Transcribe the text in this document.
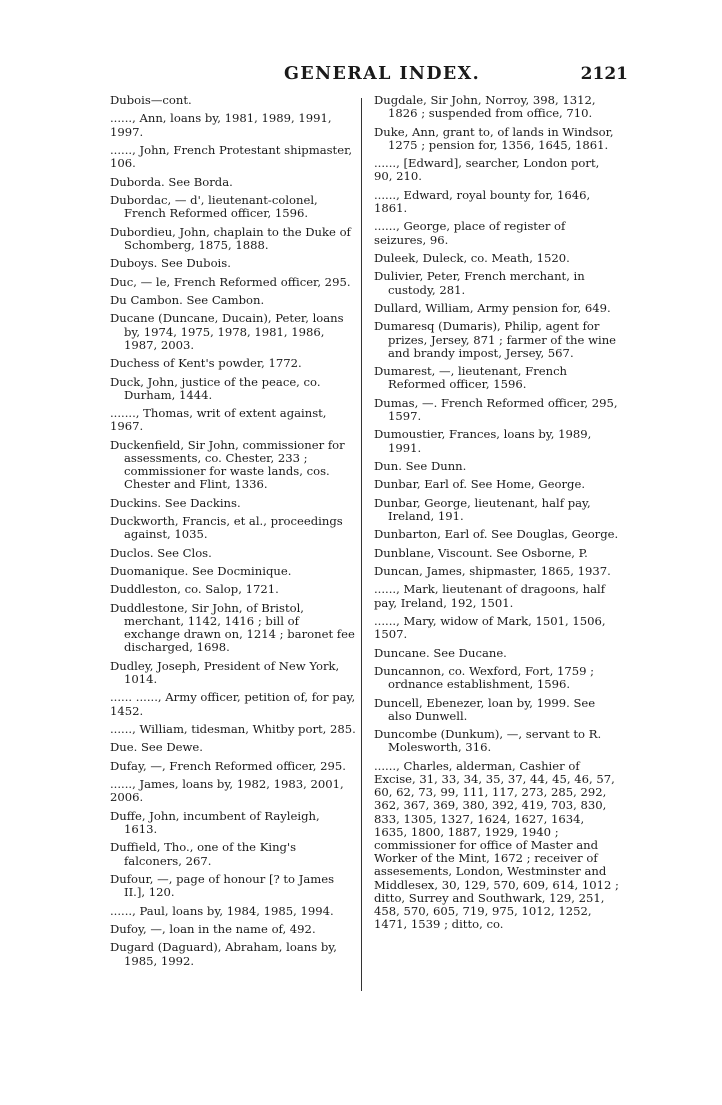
GENERAL INDEX.	2121

Dubois—cont.

......, Ann, loans by, 1981, 1989, 1991, 1997.

......, John, French Protestant shipmaster, 106.

Duborda. See Borda.

Dubordac, — d', lieutenant-colonel, French Reformed officer, 1596.

Dubordieu, John, chaplain to the Duke of Schomberg, 1875, 1888.

Duboys. See Dubois.

Duc, — le, French Reformed officer, 295.

Du Cambon. See Cambon.

Ducane (Duncane, Ducain), Peter, loans by, 1974, 1975, 1978, 1981, 1986, 1987, 2003.

Duchess of Kent's powder, 1772.

Duck, John, justice of the peace, co. Durham, 1444.

......., Thomas, writ of extent against, 1967.

Duckenfield, Sir John, commissioner for assessments, co. Chester, 233 ; commissioner for waste lands, cos. Chester and Flint, 1336.

Duckins. See Dackins.

Duckworth, Francis, et al., proceedings against, 1035.

Duclos. See Clos.

Duomanique. See Docminique.

Duddleston, co. Salop, 1721.

Duddlestone, Sir John, of Bristol, merchant, 1142, 1416 ; bill of exchange drawn on, 1214 ; baronet fee discharged, 1698.

Dudley, Joseph, President of New York, 1014.

...... ......, Army officer, petition of, for pay, 1452.

......, William, tidesman, Whitby port, 285.

Due. See Dewe.

Dufay, —, French Reformed officer, 295.

......, James, loans by, 1982, 1983, 2001, 2006.

Duffe, John, incumbent of Rayleigh, 1613.

Duffield, Tho., one of the King's falconers, 267.

Dufour, —, page of honour [? to James II.], 120.

......, Paul, loans by, 1984, 1985, 1994.

Dufoy, —, loan in the name of, 492.

Dugard (Daguard), Abraham, loans by, 1985, 1992.

Dugdale, Sir John, Norroy, 398, 1312, 1826 ; suspended from office, 710.

Duke, Ann, grant to, of lands in Windsor, 1275 ; pension for, 1356, 1645, 1861.

......, [Edward], searcher, London port, 90, 210.

......, Edward, royal bounty for, 1646, 1861.

......, George, place of register of seizures, 96.

Duleek, Duleck, co. Meath, 1520.

Dulivier, Peter, French merchant, in custody, 281.

Dullard, William, Army pension for, 649.

Dumaresq (Dumaris), Philip, agent for prizes, Jersey, 871 ; farmer of the wine and brandy impost, Jersey, 567.

Dumarest, —, lieutenant, French Reformed officer, 1596.

Dumas, —. French Reformed officer, 295, 1597.

Dumoustier, Frances, loans by, 1989, 1991.

Dun. See Dunn.

Dunbar, Earl of. See Home, George.

Dunbar, George, lieutenant, half pay, Ireland, 191.

Dunbarton, Earl of. See Douglas, George.

Dunblane, Viscount. See Osborne, P.

Duncan, James, shipmaster, 1865, 1937.

......, Mark, lieutenant of dragoons, half pay, Ireland, 192, 1501.

......, Mary, widow of Mark, 1501, 1506, 1507.

Duncane. See Ducane.

Duncannon, co. Wexford, Fort, 1759 ; ordnance establishment, 1596.

Duncell, Ebenezer, loan by, 1999. See also Dunwell.

Duncombe (Dunkum), —, servant to R. Molesworth, 316.

......, Charles, alderman, Cashier of Excise, 31, 33, 34, 35, 37, 44, 45, 46, 57, 60, 62, 73, 99, 111, 117, 273, 285, 292, 362, 367, 369, 380, 392, 419, 703, 830, 833, 1305, 1327, 1624, 1627, 1634, 1635, 1800, 1887, 1929, 1940 ; commissioner for office of Master and Worker of the Mint, 1672 ; receiver of assesements, London, Westminster and Middlesex, 30, 129, 570, 609, 614, 1012 ; ditto, Surrey and Southwark, 129, 251, 458, 570, 605, 719, 975, 1012, 1252, 1471, 1539 ; ditto, co.
